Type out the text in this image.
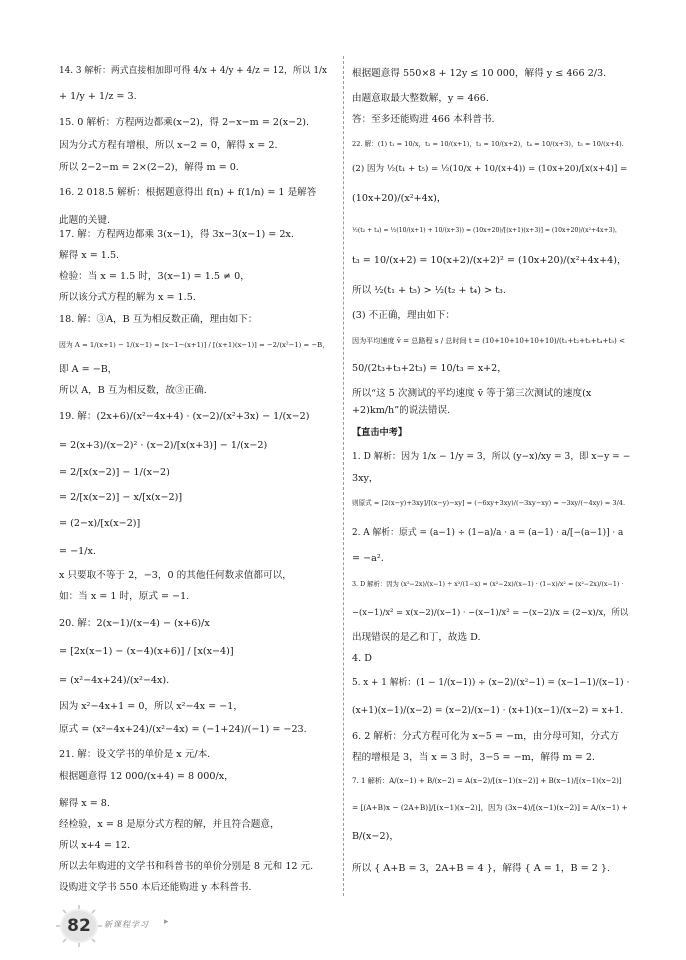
14. 3 解析：两式直接相加即可得 4/x + 4/y + 4/z = 12，所以 1/x
+ 1/y + 1/z = 3.
15. 0 解析：方程两边都乘(x−2)，得 2−x−m = 2(x−2).
因为分式方程有增根，所以 x−2 = 0，解得 x = 2.
所以 2−2−m = 2×(2−2)，解得 m = 0.
16. 2 018.5 解析：根据题意得出 f(n) + f(1/n) = 1 是解答
此题的关键.
17. 解：方程两边都乘 3(x−1)，得 3x−3(x−1) = 2x.
解得 x = 1.5.
检验：当 x = 1.5 时，3(x−1) = 1.5 ≠ 0，
所以该分式方程的解为 x = 1.5.
18. 解：③A，B 互为相反数正确，理由如下：
因为 A = 1/(x+1) − 1/(x−1) = [x−1−(x+1)] / [(x+1)(x−1)] = −2/(x²−1) = −B，
即 A = −B，
所以 A，B 互为相反数，故③正确.
19. 解：(2x+6)/(x²−4x+4) · (x−2)/(x²+3x) − 1/(x−2)
= 2(x+3)/(x−2)² · (x−2)/[x(x+3)] − 1/(x−2)
= 2/[x(x−2)] − 1/(x−2)
= 2/[x(x−2)] − x/[x(x−2)]
= (2−x)/[x(x−2)]
= −1/x.
x 只要取不等于 2，−3，0 的其他任何数求值都可以，
如：当 x = 1 时，原式 = −1.
20. 解：2(x−1)/(x−4) − (x+6)/x
= [2x(x−1) − (x−4)(x+6)] / [x(x−4)]
= (x²−4x+24)/(x²−4x).
因为 x²−4x+1 = 0，所以 x²−4x = −1，
原式 = (x²−4x+24)/(x²−4x) = (−1+24)/(−1) = −23.
21. 解：设文学书的单价是 x 元/本.
根据题意得 12 000/(x+4) = 8 000/x，
解得 x = 8.
经检验，x = 8 是原分式方程的解，并且符合题意，
所以 x+4 = 12.
所以去年购进的文学书和科普书的单价分别是 8 元和 12 元.
设购进文学书 550 本后还能购进 y 本科普书.
根据题意得 550×8 + 12y ≤ 10 000，解得 y ≤ 466 2/3.
由题意取最大整数解，y = 466.
答：至多还能购进 466 本科普书.
22. 解：(1) t₁ = 10/x，t₂ = 10/(x+1)，t₃ = 10/(x+2)，t₄ = 10/(x+3)，t₅ = 10/(x+4).
(2) 因为 ½(t₁ + t₅) = ½(10/x + 10/(x+4)) = (10x+20)/[x(x+4)] =
(10x+20)/(x²+4x)，
½(t₂ + t₄) = ½(10/(x+1) + 10/(x+3)) = (10x+20)/[(x+1)(x+3)] = (10x+20)/(x²+4x+3)，
t₃ = 10/(x+2) = 10(x+2)/(x+2)² = (10x+20)/(x²+4x+4)，
所以 ½(t₁ + t₅) > ½(t₂ + t₄) > t₃.
(3) 不正确，理由如下：
因为平均速度 v̄ = 总路程 s / 总时间 t = (10+10+10+10+10)/(t₁+t₂+t₃+t₄+t₅) <
50/(2t₃+t₃+2t₃) = 10/t₃ = x+2，
所以“这 5 次测试的平均速度 v̄ 等于第三次测试的速度(x
+2)km/h”的说法错误.
【直击中考】
1. D 解析：因为 1/x − 1/y = 3，所以 (y−x)/xy = 3，即 x−y = −
3xy，
则原式 = [2(x−y)+3xy]/[(x−y)−xy] = (−6xy+3xy)/(−3xy−xy) = −3xy/(−4xy) = 3/4.
2. A 解析：原式 = (a−1) ÷ (1−a)/a · a = (a−1) · a/[−(a−1)] · a
= −a².
3. D 解析：因为 (x²−2x)/(x−1) ÷ x²/(1−x) = (x²−2x)/(x−1) · (1−x)/x² = (x²−2x)/(x−1) ·
−(x−1)/x² = x(x−2)/(x−1) · −(x−1)/x² = −(x−2)/x = (2−x)/x，所以
出现错误的是乙和丁，故选 D.
4. D
5. x + 1 解析：(1 − 1/(x−1)) ÷ (x−2)/(x²−1) = (x−1−1)/(x−1) ·
(x+1)(x−1)/(x−2) = (x−2)/(x−1) · (x+1)(x−1)/(x−2) = x+1.
6. 2 解析：分式方程可化为 x−5 = −m，由分母可知，分式方
程的增根是 3，当 x = 3 时，3−5 = −m，解得 m = 2.
7. 1 解析：A/(x−1) + B/(x−2) = A(x−2)/[(x−1)(x−2)] + B(x−1)/[(x−1)(x−2)]
= [(A+B)x − (2A+B)]/[(x−1)(x−2)]，因为 (3x−4)/[(x−1)(x−2)] = A/(x−1) +
B/(x−2)，
所以 { A+B = 3，2A+B = 4 }，解得 { A = 1，B = 2 }.
82	新课程学习 ▸
